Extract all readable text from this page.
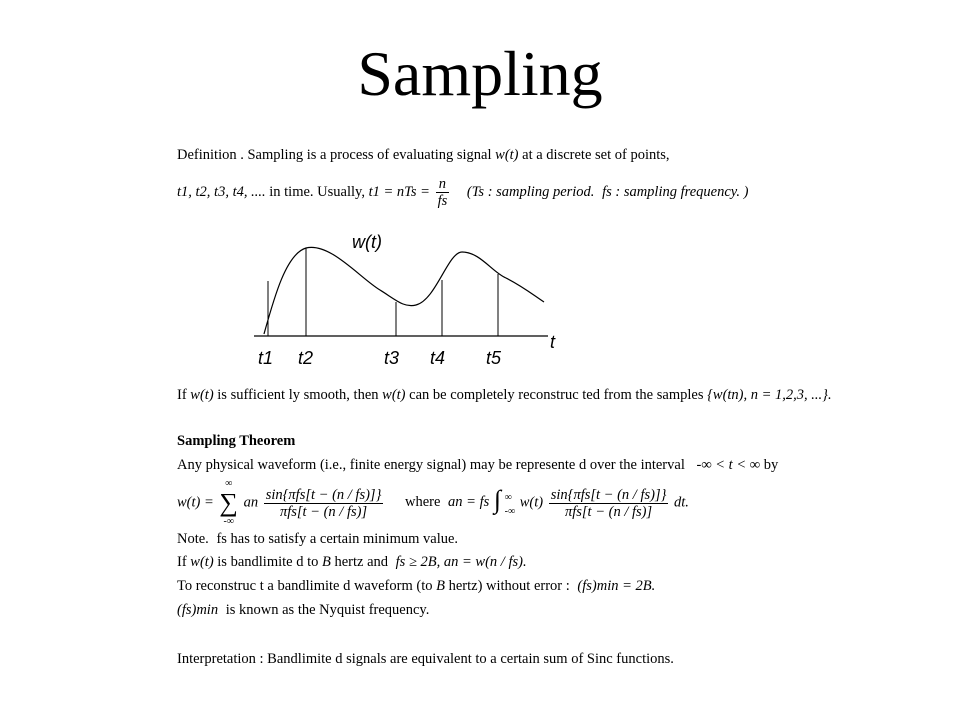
Sampling
Definition . Sampling is a process of evaluating signal w(t) at a discrete set of points,
t1, t2, t3, t4, .... in time. Usually, t1 = nTs = $\frac{n}{fs} (Ts$ : sampling period. fs : sampling frequency. )
w(t)
t
t1 t2	t3 t4 t5
If w(t) is sufficient ly smooth, then w(t) can be completely reconstruc ted from the samples {w(tn), n = 1,2,3, ...}.
Sampling Theorem
Any physical waveform (i.e., finite energy signal) may be represente d over the interval -∞ < t < ∞ by
w(t) =
∞
∑
-∞
an $\frac{\text{sin\{πfs[t − (n / fs)]\}}}{\text{πfs[t − (n / fs)]}}$ where an = fs ∫ ∞
-∞
$w(t) \frac{\text{sin\{πfs[t − (n / fs)]\}}}{\text{πfs[t − (n / fs)]}}$ dt.
Note. fs has to satisfy a certain minimum value.
If w(t) is bandlimite d to B hertz and fs ≥ 2B, an = w(n / fs).
To reconstruc t a bandlimite d waveform (to B hertz) without error : (fs)min = 2B.
(fs)min is known as the Nyquist frequency.
Interpretation : Bandlimite d signals are equivalent to a certain sum of Sinc functions.
